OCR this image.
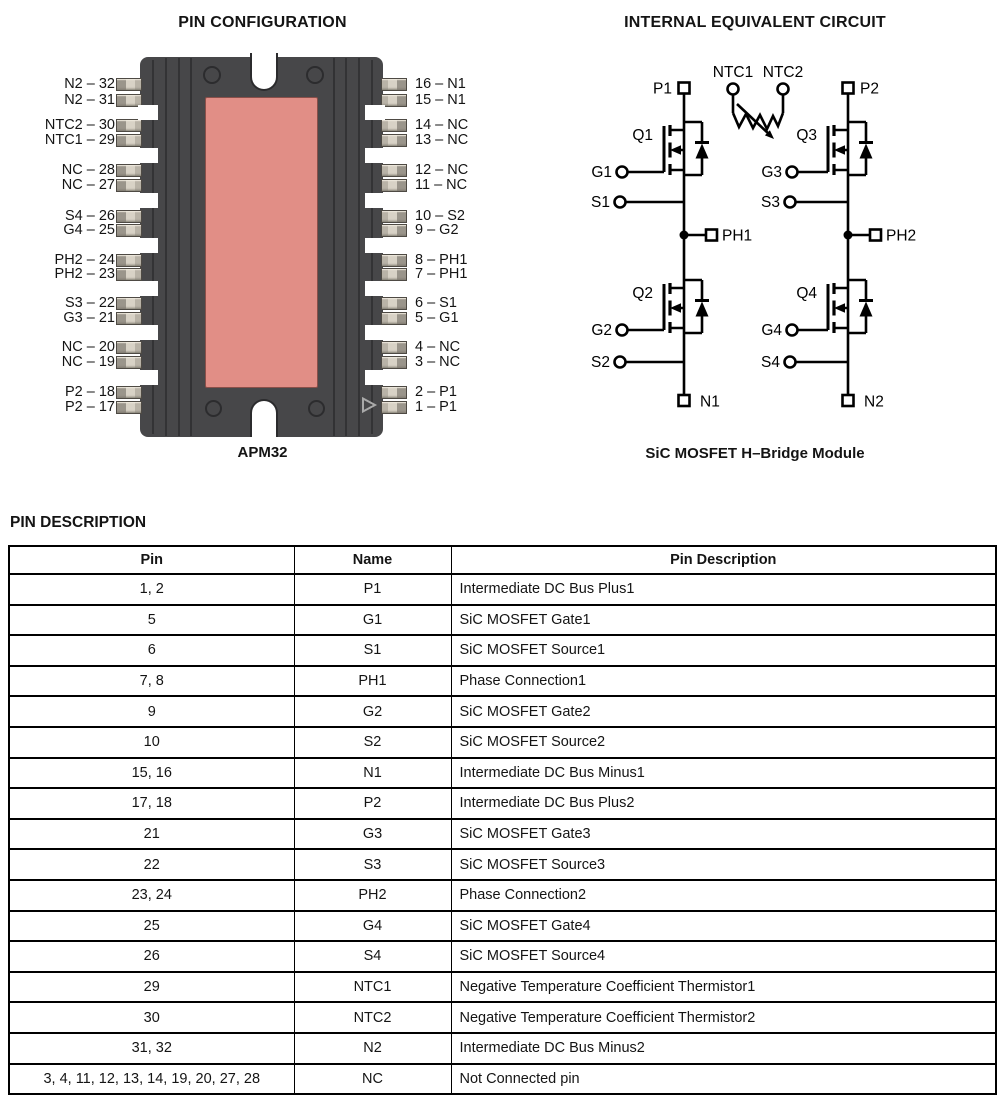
PIN CONFIGURATION	INTERNAL EQUIVALENT CIRCUIT
APM32	SiC MOSFET H–Bridge Module
P1	P2
NTC1 NTC2
Q1	Q3
G1	G3
S1	S3
PH1	PH2
Q2	Q4
G2	G4
S2	S4
N1	N2
PIN DESCRIPTION
Pin	Name	Pin Description
1, 2	P1	Intermediate DC Bus Plus1
5	G1	SiC MOSFET Gate1
6	S1	SiC MOSFET Source1
7, 8	PH1	Phase Connection1
9	G2	SiC MOSFET Gate2
10	S2	SiC MOSFET Source2
15, 16	N1	Intermediate DC Bus Minus1
17, 18	P2	Intermediate DC Bus Plus2
21	G3	SiC MOSFET Gate3
22	S3	SiC MOSFET Source3
23, 24	PH2	Phase Connection2
25	G4	SiC MOSFET Gate4
26	S4	SiC MOSFET Source4
29	NTC1	Negative Temperature Coefficient Thermistor1
30	NTC2	Negative Temperature Coefficient Thermistor2
31, 32	N2	Intermediate DC Bus Minus2
3, 4, 11, 12, 13, 14, 19, 20, 27, 28	NC	Not Connected pin
N2 – 32	16 – N1
N2 – 31	15 – N1
NTC2 – 30	14 – NC
NTC1 – 29	13 – NC
NC – 28	12 – NC
NC – 27	11 – NC
S4 – 26	10 – S2
G4 – 25	9 – G2
PH2 – 24	8 – PH1
PH2 – 23	7 – PH1
S3 – 22	6 – S1
G3 – 21	5 – G1
NC – 20	4 – NC
NC – 19	3 – NC
P2 – 18	2 – P1
P2 – 17	1 – P1
